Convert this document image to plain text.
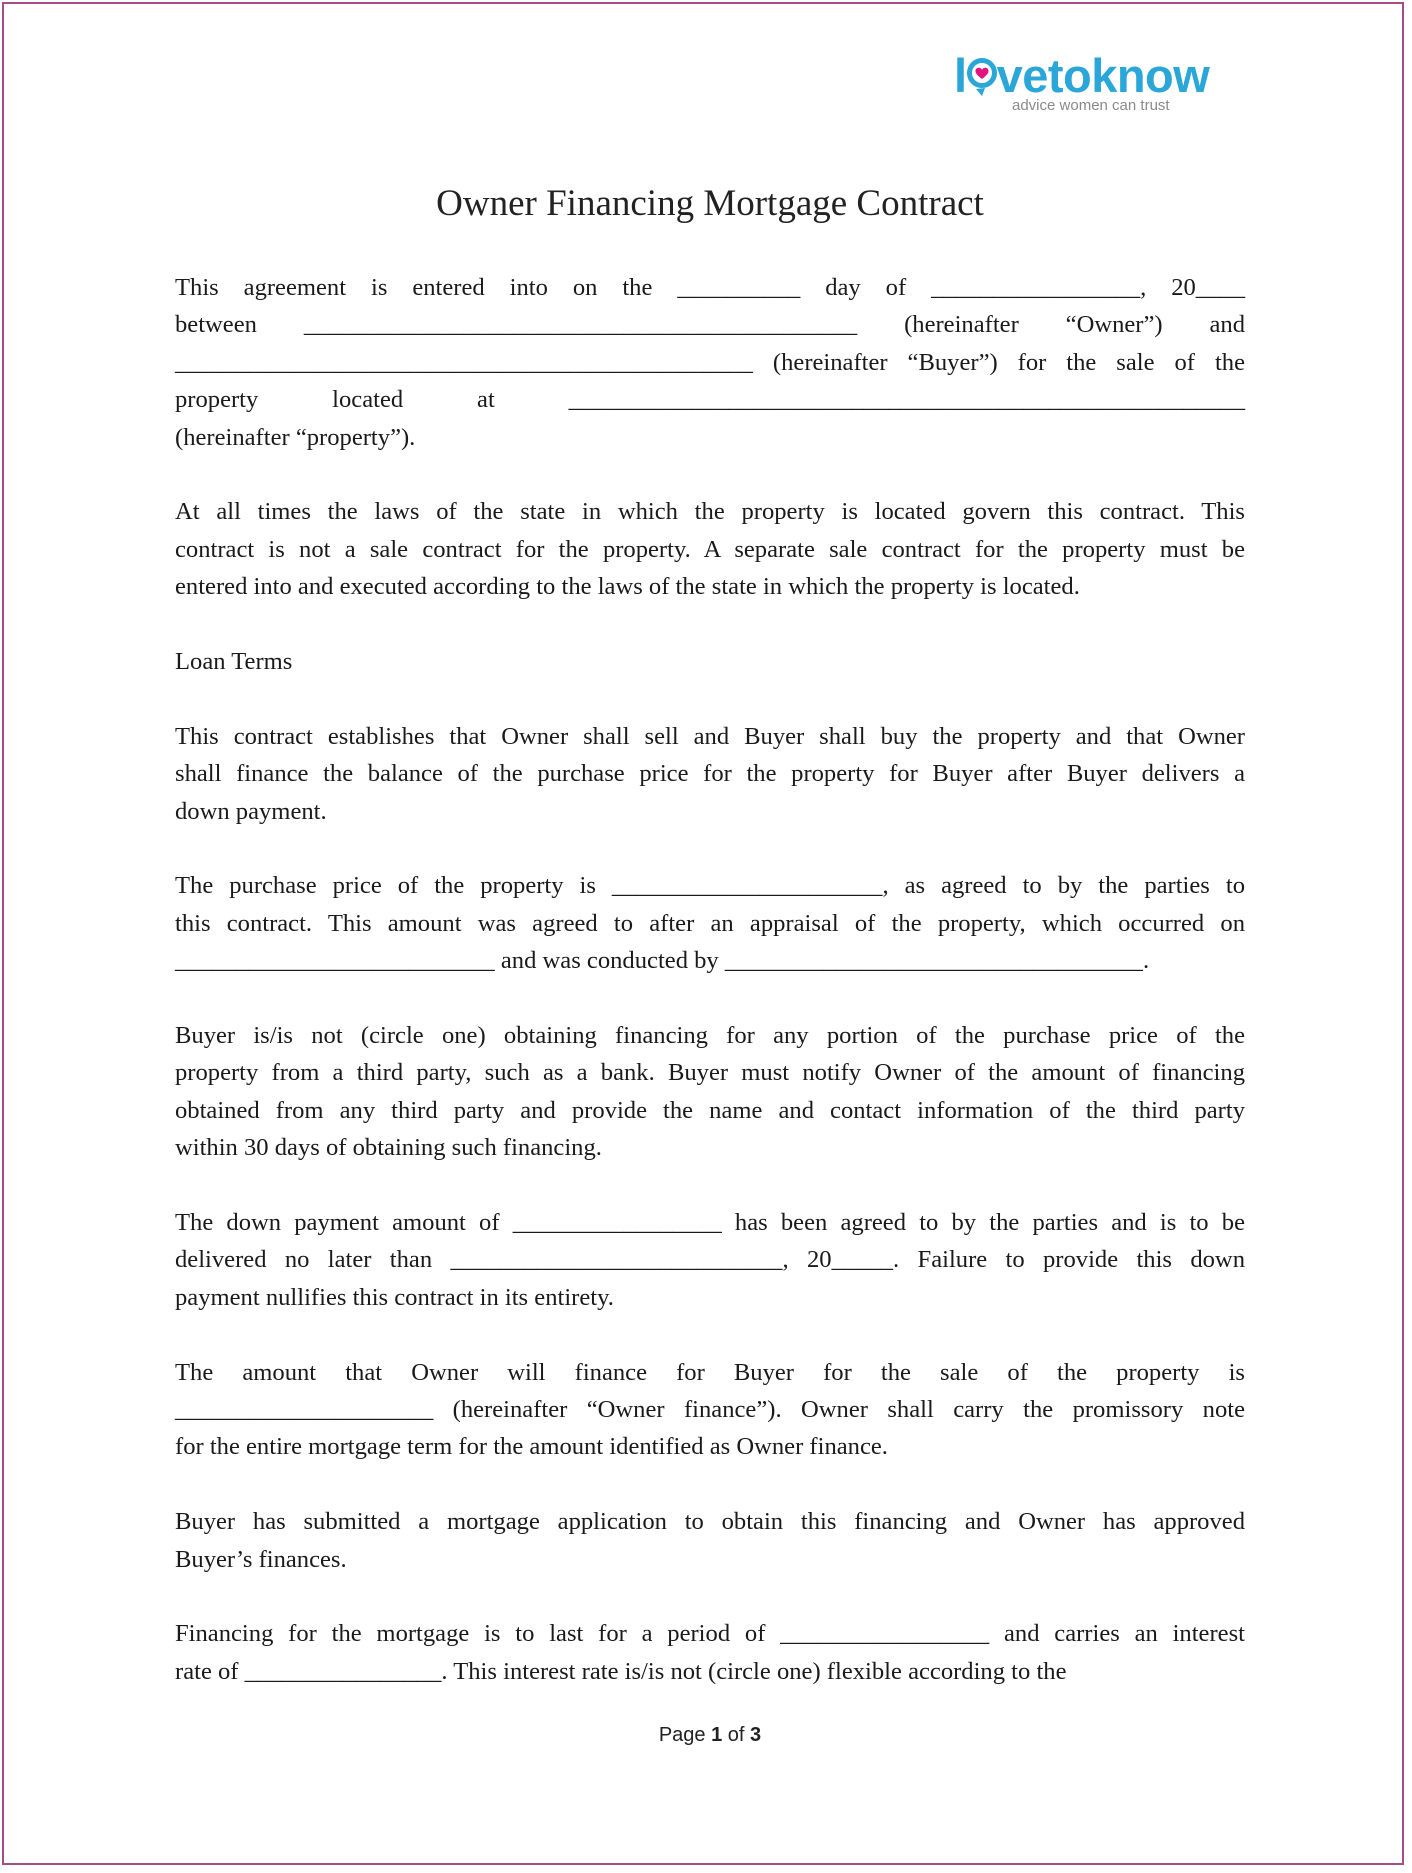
l vetoknow
advice women can trust
Owner Financing Mortgage Contract

This agreement is entered into on the __________ day of _________________, 20____
between _____________________________________________ (hereinafter “Owner”) and
_______________________________________________ (hereinafter “Buyer”) for the sale of the
property located at _______________________________________________________
(hereinafter “property”).

At all times the laws of the state in which the property is located govern this contract. This
contract is not a sale contract for the property. A separate sale contract for the property must be
entered into and executed according to the laws of the state in which the property is located.

Loan Terms

This contract establishes that Owner shall sell and Buyer shall buy the property and that Owner
shall finance the balance of the purchase price for the property for Buyer after Buyer delivers a
down payment.

The purchase price of the property is ______________________, as agreed to by the parties to
this contract. This amount was agreed to after an appraisal of the property, which occurred on
__________________________ and was conducted by __________________________________.

Buyer is/is not (circle one) obtaining financing for any portion of the purchase price of the
property from a third party, such as a bank. Buyer must notify Owner of the amount of financing
obtained from any third party and provide the name and contact information of the third party
within 30 days of obtaining such financing.

The down payment amount of _________________ has been agreed to by the parties and is to be
delivered no later than ___________________________, 20_____. Failure to provide this down
payment nullifies this contract in its entirety.

The amount that Owner will finance for Buyer for the sale of the property is
_____________________ (hereinafter “Owner finance”). Owner shall carry the promissory note
for the entire mortgage term for the amount identified as Owner finance.

Buyer has submitted a mortgage application to obtain this financing and Owner has approved
Buyer’s finances.

Financing for the mortgage is to last for a period of _________________ and carries an interest
rate of ________________. This interest rate is/is not (circle one) flexible according to the

Page 1 of 3
